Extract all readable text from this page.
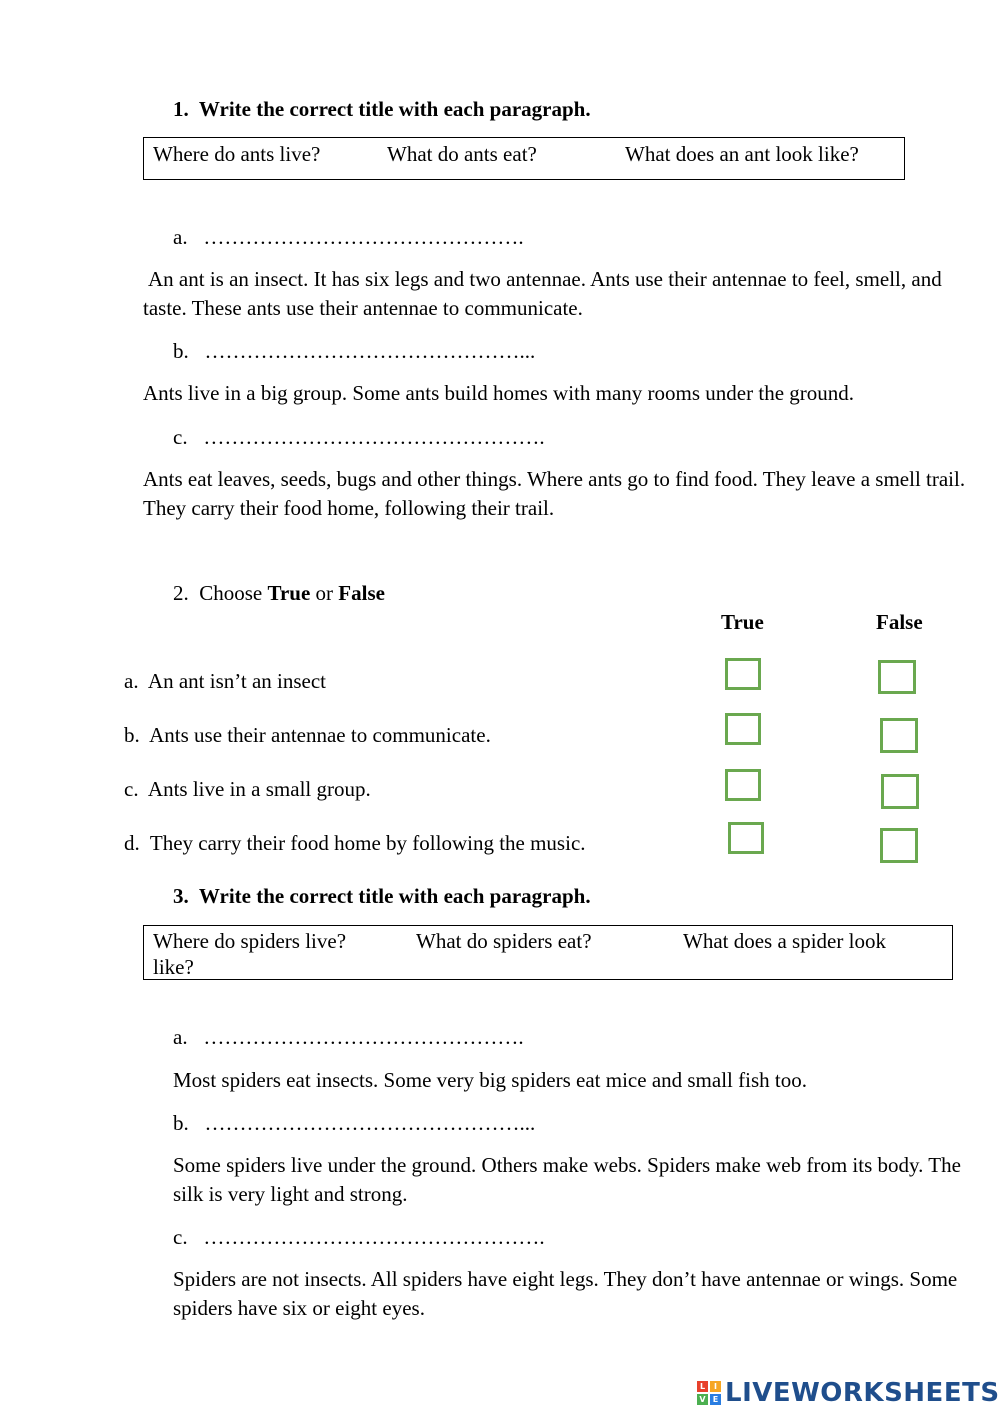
1. Write the correct title with each paragraph.
Where do ants live?	What do ants eat?	What does an ant look like?
a. ……………………………………….
An ant is an insect. It has six legs and two antennae. Ants use their antennae to feel, smell, and taste. These ants use their antennae to communicate.
b. ………………………………………...
Ants live in a big group. Some ants build homes with many rooms under the ground.
c. ………………………………………….
Ants eat leaves, seeds, bugs and other things. Where ants go to find food. They leave a smell trail. They carry their food home, following their trail.
2. Choose True or False
True	False
a. An ant isn’t an insect
b. Ants use their antennae to communicate.
c. Ants live in a small group.
d. They carry their food home by following the music.
3. Write the correct title with each paragraph.
Where do spiders live?	What do spiders eat?	What does a spider look
like?
a. ……………………………………….
Most spiders eat insects. Some very big spiders eat mice and small fish too.
b. ………………………………………...
Some spiders live under the ground. Others make webs. Spiders make web from its body. The silk is very light and strong.
c. ………………………………………….
Spiders are not insects. All spiders have eight legs. They don’t have antennae or wings. Some spiders have six or eight eyes.
L	I
V E LIVEWORKSHEETS
